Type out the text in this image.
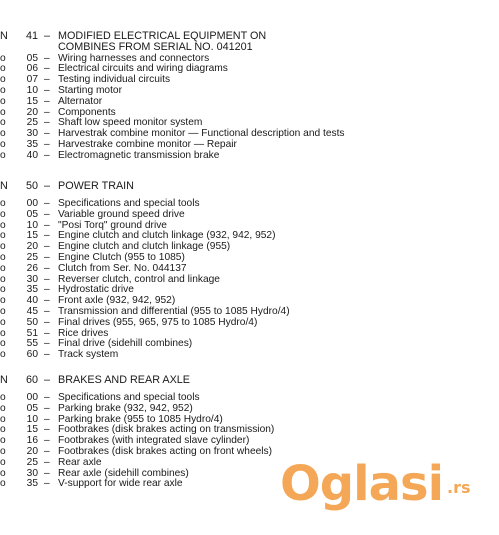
N 41 – MODIFIED ELECTRICAL EQUIPMENT ON
COMBINES FROM SERIAL NO. 041201
o 05 – Wiring harnesses and connectors
o 06 – Electrical circuits and wiring diagrams
o 07 – Testing individual circuits
o 10 – Starting motor
o 15 – Alternator
o 20 – Components
o 25 – Shaft low speed monitor system
o 30 – Harvestrak combine monitor — Functional description and tests
o 35 – Harvestrake combine monitor — Repair
o 40 – Electromagnetic transmission brake
N 50 – POWER TRAIN
o 00 – Specifications and special tools
o 05 – Variable ground speed drive
o 10 – "Posi Torq" ground drive
o 15 – Engine clutch and clutch linkage (932, 942, 952)
o 20 – Engine clutch and clutch linkage (955)
o 25 – Engine Clutch (955 to 1085)
o 26 – Clutch from Ser. No. 044137
o 30 – Reverser clutch, control and linkage
o 35 – Hydrostatic drive
o 40 – Front axle (932, 942, 952)
o 45 – Transmission and differential (955 to 1085 Hydro/4)
o 50 – Final drives (955, 965, 975 to 1085 Hydro/4)
o 51 – Rice drives
o 55 – Final drive (sidehill combines)
o 60 – Track system
N 60 – BRAKES AND REAR AXLE
o 00 – Specifications and special tools
o 05 – Parking brake (932, 942, 952)
o 10 – Parking brake (955 to 1085 Hydro/4)
o 15 – Footbrakes (disk brakes acting on transmission)
o 16 – Footbrakes (with integrated slave cylinder)
o 20 – Footbrakes (disk brakes acting on front wheels)
o 25 – Rear axle
o 30 – Rear axle (sidehill combines)
o 35 – V-support for wide rear axle Oglasi .rs
